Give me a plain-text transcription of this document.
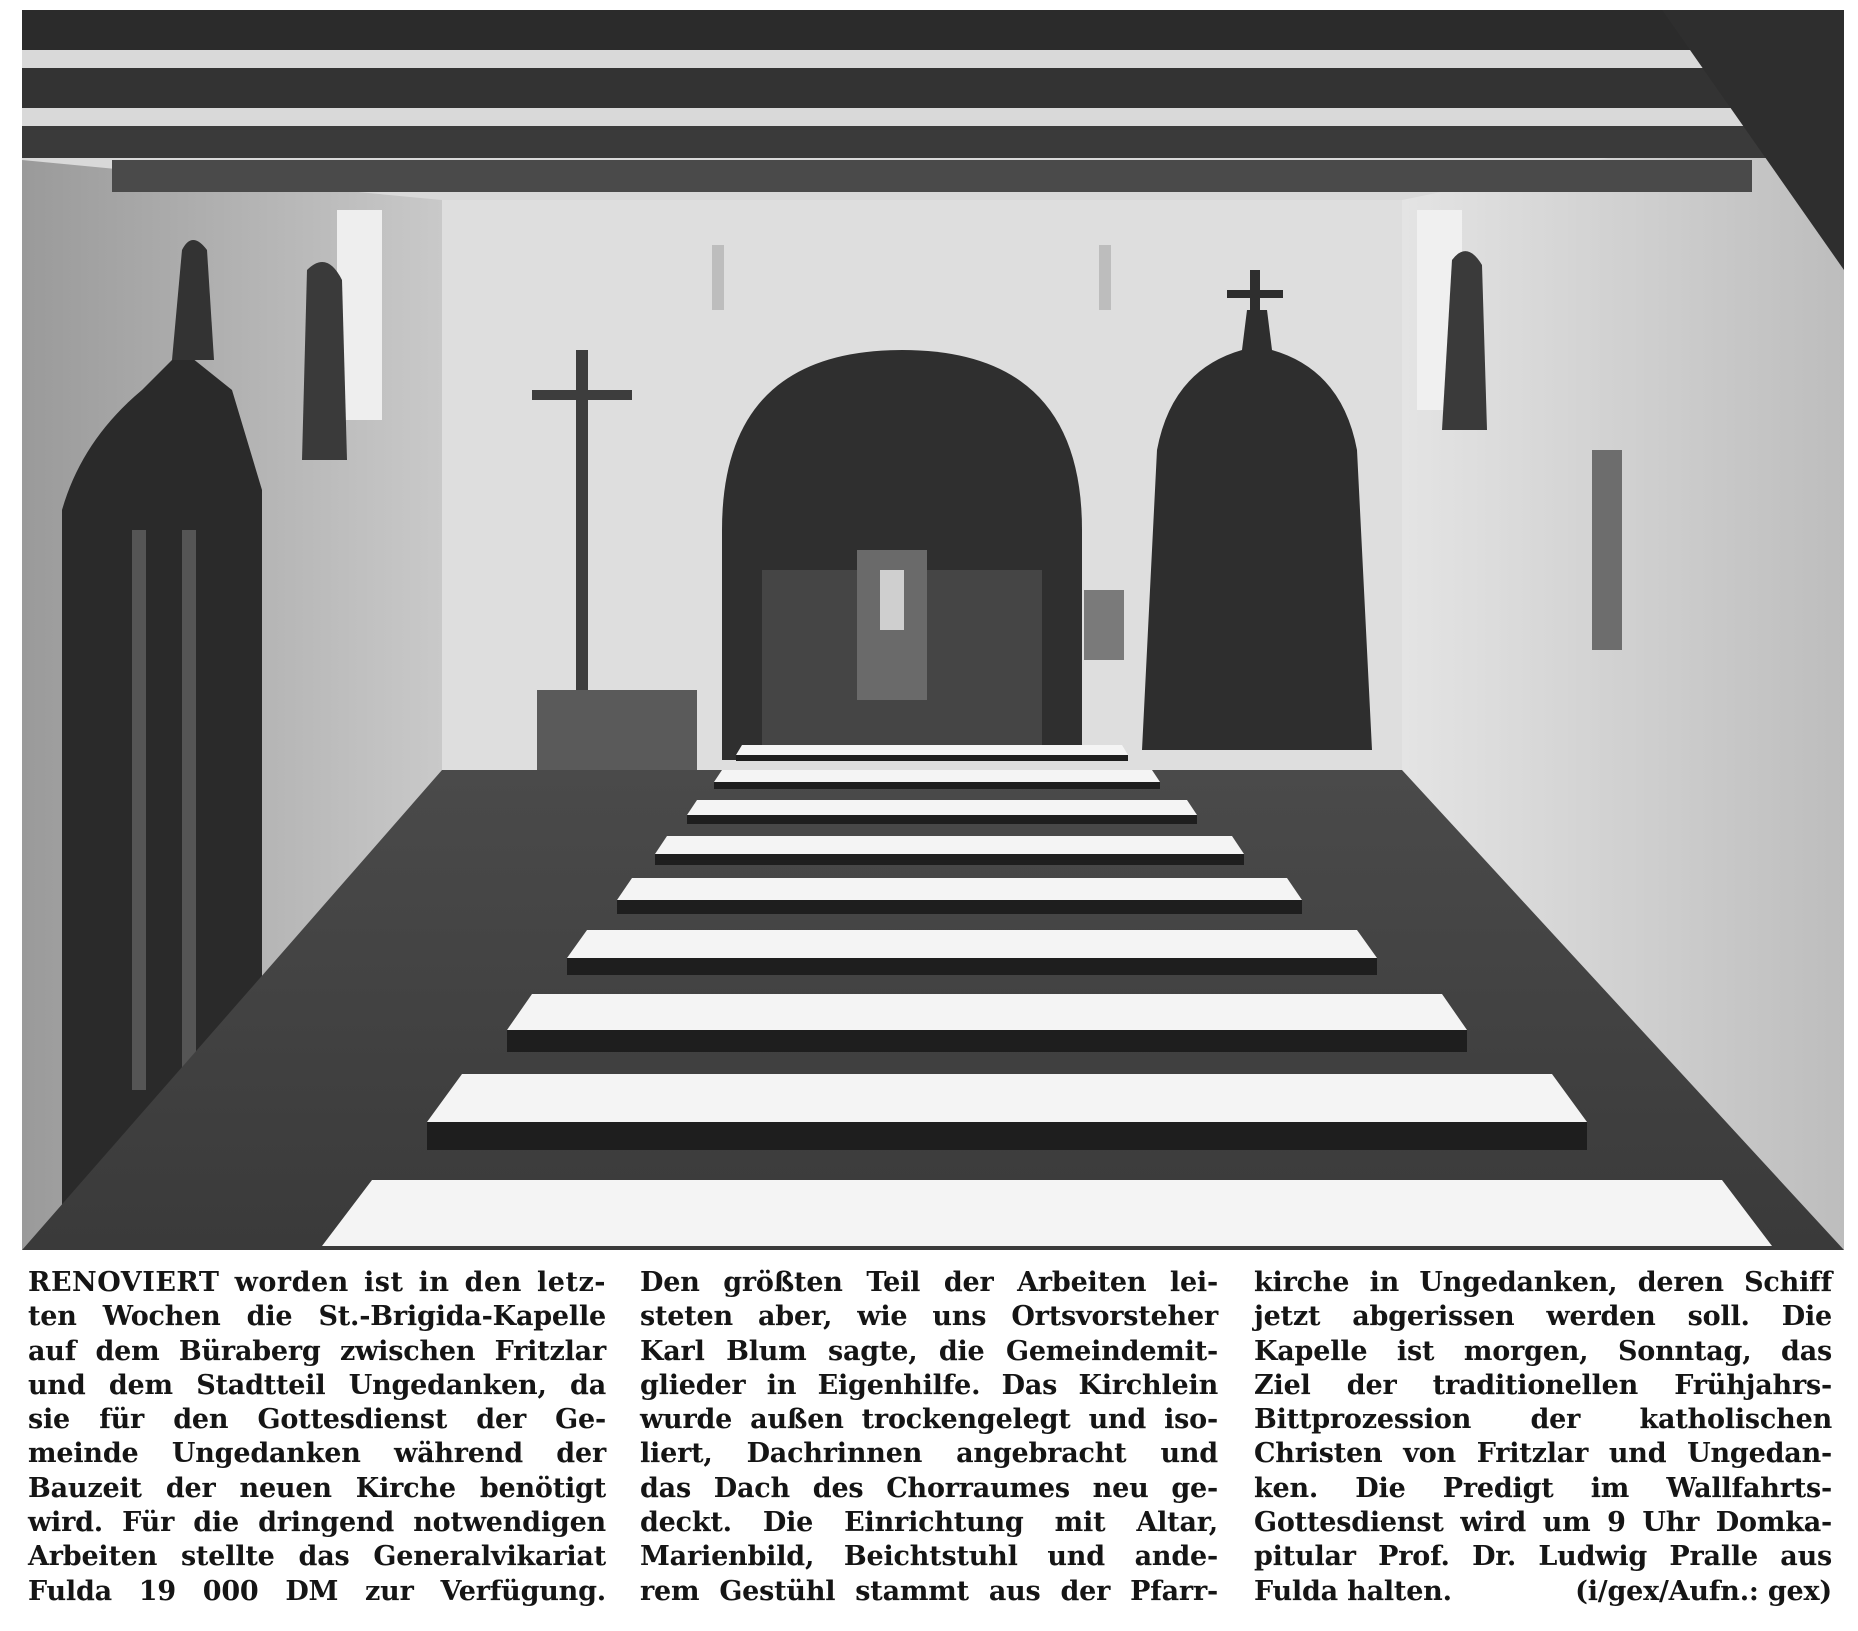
RENOVIERT worden ist in den letz-
ten Wochen die St.-Brigida-Kapelle
auf dem Büraberg zwischen Fritzlar
und dem Stadtteil Ungedanken, da
sie für den Gottesdienst der Ge-
meinde Ungedanken während der
Bauzeit der neuen Kirche benötigt
wird. Für die dringend notwendigen
Arbeiten stellte das Generalvikariat
Fulda 19 000 DM zur Verfügung.
Den größten Teil der Arbeiten lei-
steten aber, wie uns Ortsvorsteher
Karl Blum sagte, die Gemeindemit-
glieder in Eigenhilfe. Das Kirchlein
wurde außen trockengelegt und iso-
liert, Dachrinnen angebracht und
das Dach des Chorraumes neu ge-
deckt. Die Einrichtung mit Altar,
Marienbild, Beichtstuhl und ande-
rem Gestühl stammt aus der Pfarr-
kirche in Ungedanken, deren Schiff
jetzt abgerissen werden soll. Die
Kapelle ist morgen, Sonntag, das
Ziel der traditionellen Frühjahrs-
Bittprozession der katholischen
Christen von Fritzlar und Ungedan-
ken. Die Predigt im Wallfahrts-
Gottesdienst wird um 9 Uhr Domka-
pitular Prof. Dr. Ludwig Pralle aus
Fulda halten.	(i/gex/Aufn.: gex)
